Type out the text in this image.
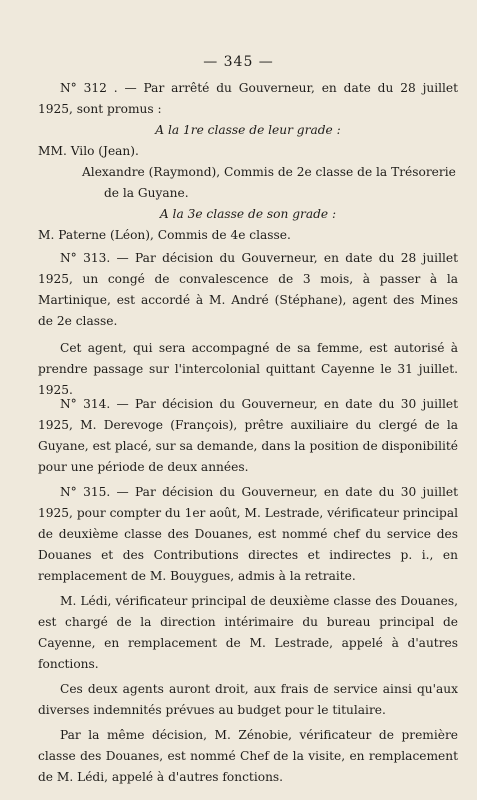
— 345 —

N° 312 . — Par arrêté du Gouverneur, en date du 28 juillet 1925, sont promus :

A la 1re classe de leur grade :

MM. Vilo (Jean).

Alexandre (Raymond), Commis de 2e classe de la Trésorerie de la Guyane.

A la 3e classe de son grade :

M. Paterne (Léon), Commis de 4e classe.

N° 313. — Par décision du Gouverneur, en date du 28 juillet 1925, un congé de convalescence de 3 mois, à passer à la Martinique, est accordé à M. André (Stéphane), agent des Mines de 2e classe.

Cet agent, qui sera accompagné de sa femme, est autorisé à prendre passage sur l'intercolonial quittant Cayenne le 31 juillet. 1925.

N° 314. — Par décision du Gouverneur, en date du 30 juillet 1925, M. Derevoge (François), prêtre auxiliaire du clergé de la Guyane, est placé, sur sa demande, dans la position de disponibilité pour une période de deux années.

N° 315. — Par décision du Gouverneur, en date du 30 juillet 1925, pour compter du 1er août, M. Lestrade, vérificateur principal de deuxième classe des Douanes, est nommé chef du service des Douanes et des Contributions directes et indirectes p. i., en remplacement de M. Bouygues, admis à la retraite.

M. Lédi, vérificateur principal de deuxième classe des Douanes, est chargé de la direction intérimaire du bureau principal de Cayenne, en remplacement de M. Lestrade, appelé à d'autres fonctions.

Ces deux agents auront droit, aux frais de service ainsi qu'aux diverses indemnités prévues au budget pour le titulaire.

Par la même décision, M. Zénobie, vérificateur de première classe des Douanes, est nommé Chef de la visite, en remplacement de M. Lédi, appelé à d'autres fonctions.
